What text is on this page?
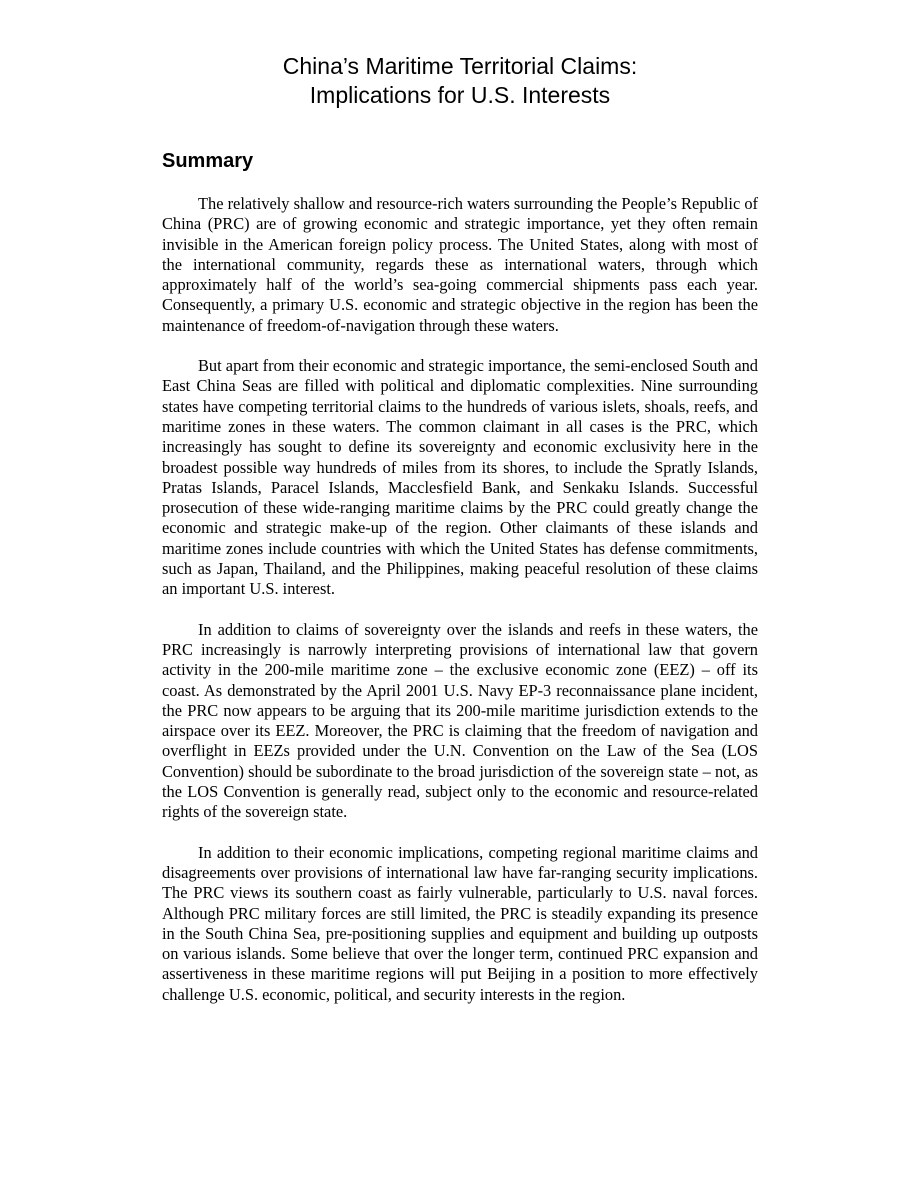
China’s Maritime Territorial Claims:
Implications for U.S. Interests
Summary

The relatively shallow and resource-rich waters surrounding the People’s Republic of China (PRC) are of growing economic and strategic importance, yet they often remain invisible in the American foreign policy process. The United States, along with most of the international community, regards these as international waters, through which approximately half of the world’s sea-going commercial shipments pass each year. Consequently, a primary U.S. economic and strategic objective in the region has been the maintenance of freedom-of-navigation through these waters.

But apart from their economic and strategic importance, the semi-enclosed South and East China Seas are filled with political and diplomatic complexities. Nine surrounding states have competing territorial claims to the hundreds of various islets, shoals, reefs, and maritime zones in these waters. The common claimant in all cases is the PRC, which increasingly has sought to define its sovereignty and economic exclusivity here in the broadest possible way hundreds of miles from its shores, to include the Spratly Islands, Pratas Islands, Paracel Islands, Macclesfield Bank, and Senkaku Islands. Successful prosecution of these wide-ranging maritime claims by the PRC could greatly change the economic and strategic make-up of the region. Other claimants of these islands and maritime zones include countries with which the United States has defense commitments, such as Japan, Thailand, and the Philippines, making peaceful resolution of these claims an important U.S. interest.

In addition to claims of sovereignty over the islands and reefs in these waters, the PRC increasingly is narrowly interpreting provisions of international law that govern activity in the 200-mile maritime zone – the exclusive economic zone (EEZ) – off its coast. As demonstrated by the April 2001 U.S. Navy EP-3 reconnaissance plane incident, the PRC now appears to be arguing that its 200-mile maritime jurisdiction extends to the airspace over its EEZ. Moreover, the PRC is claiming that the freedom of navigation and overflight in EEZs provided under the U.N. Convention on the Law of the Sea (LOS Convention) should be subordinate to the broad jurisdiction of the sovereign state – not, as the LOS Convention is generally read, subject only to the economic and resource-related rights of the sovereign state.

In addition to their economic implications, competing regional maritime claims and disagreements over provisions of international law have far-ranging security implications. The PRC views its southern coast as fairly vulnerable, particularly to U.S. naval forces. Although PRC military forces are still limited, the PRC is steadily expanding its presence in the South China Sea, pre-positioning supplies and equipment and building up outposts on various islands. Some believe that over the longer term, continued PRC expansion and assertiveness in these maritime regions will put Beijing in a position to more effectively challenge U.S. economic, political, and security interests in the region.
